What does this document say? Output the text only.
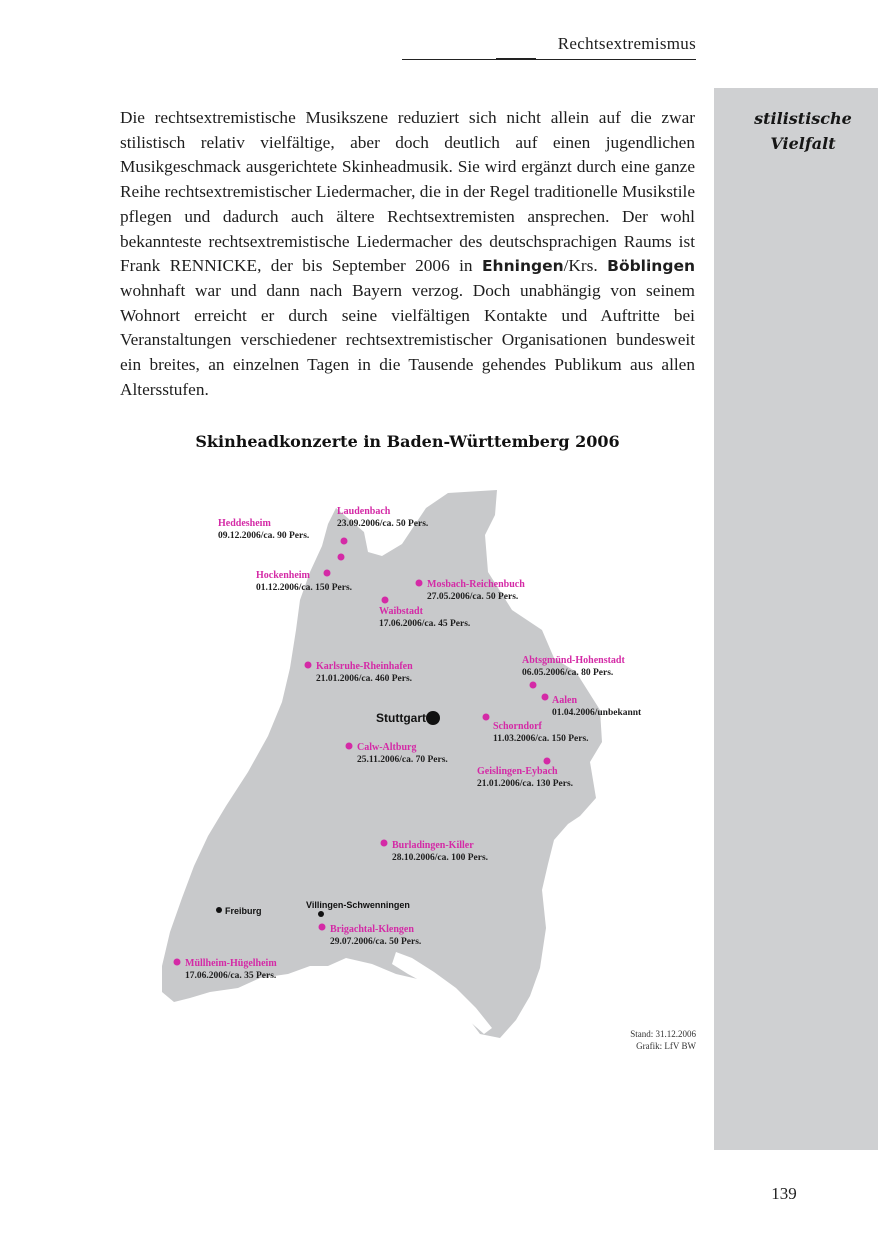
Rechtsextremismus
stilistische
Vielfalt

Die rechtsextremistische Musikszene reduziert sich nicht allein auf die zwar stilistisch relativ vielfältige, aber doch deutlich auf einen jugendlichen Musikgeschmack ausgerichtete Skinheadmusik. Sie wird ergänzt durch eine ganze Reihe rechtsextremistischer Liedermacher, die in der Regel traditionelle Musikstile pflegen und dadurch auch ältere Rechtsextremisten ansprechen. Der wohl bekannteste rechtsextremistische Liedermacher des deutschsprachigen Raums ist Frank RENNICKE, der bis September 2006 in Ehningen/Krs. Böblingen wohnhaft war und dann nach Bayern verzog. Doch unabhängig von seinem Wohnort erreicht er durch seine vielfältigen Kontakte und Auftritte bei Veranstaltungen verschiedener rechtsextremistischer Organisationen bundesweit ein breites, an einzelnen Tagen in die Tausende gehendes Publikum aus allen Altersstufen.

Skinheadkonzerte in Baden-Württemberg 2006
Stuttgart
Freiburg
Villingen-Schwenningen
Laudenbach
23.09.2006/ca. 50 Pers.
Heddesheim
09.12.2006/ca. 90 Pers.
Hockenheim
01.12.2006/ca. 150 Pers.	Mosbach-Reichenbuch
27.05.2006/ca. 50 Pers.
Waibstadt
17.06.2006/ca. 45 Pers.
Karlsruhe-Rheinhafen
21.01.2006/ca. 460 Pers.
Abtsgmünd-Hohenstadt
06.05.2006/ca. 80 Pers.
Aalen
01.04.2006/unbekannt
Schorndorf
11.03.2006/ca. 150 Pers.
Calw-Altburg
25.11.2006/ca. 70 Pers.
Geislingen-Eybach
21.01.2006/ca. 130 Pers.
Burladingen-Killer
28.10.2006/ca. 100 Pers.
Brigachtal-Klengen
29.07.2006/ca. 50 Pers.
Müllheim-Hügelheim
17.06.2006/ca. 35 Pers.
Stand: 31.12.2006
Grafik: LfV BW
139
